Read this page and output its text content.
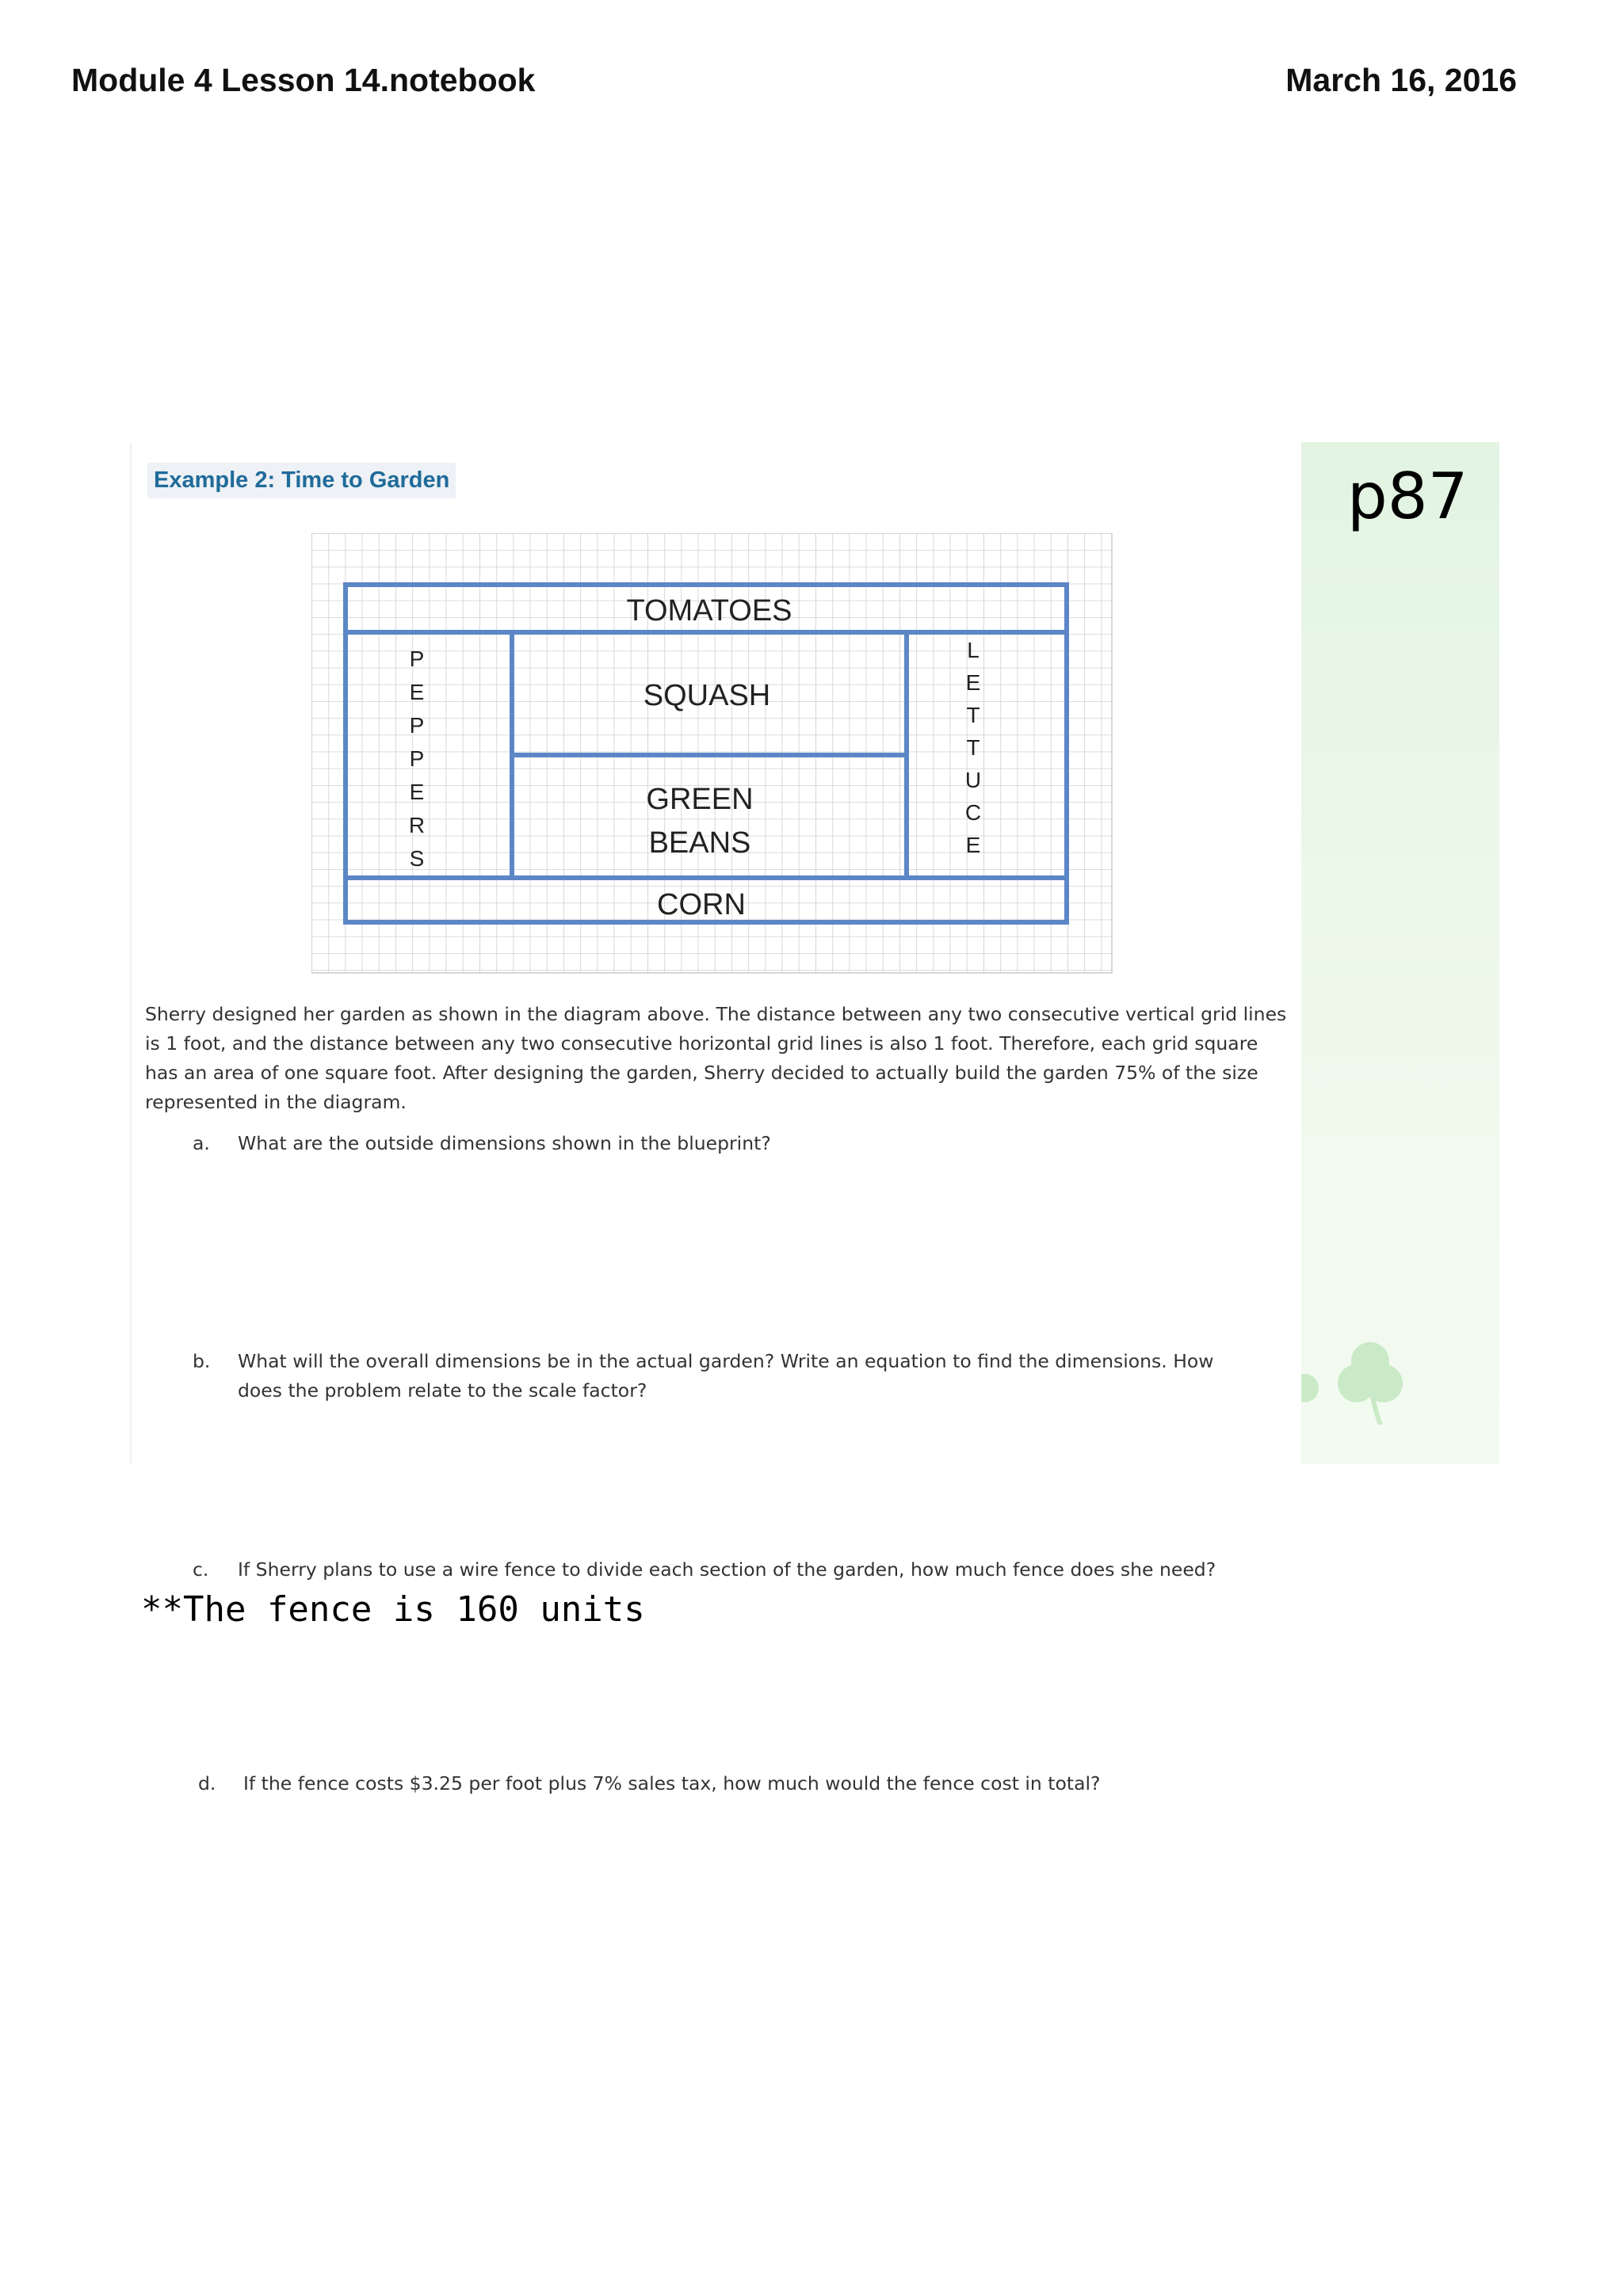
Module 4 Lesson 14.notebook	March 16, 2016
Example 2: Time to Garden	p87
TOMATOES
SQUASH
GREEN
BEANS
CORN
P
E
P
P
E
R
S
L
E
T
T
U
C
E
Sherry designed her garden as shown in the diagram above. The distance between any two consecutive vertical grid lines is 1 foot, and the distance between any two consecutive horizontal grid lines is also 1 foot. Therefore, each grid square has an area of one square foot. After designing the garden, Sherry decided to actually build the garden 75% of the size represented in the diagram.
a. What are the outside dimensions shown in the blueprint?
b. What will the overall dimensions be in the actual garden? Write an equation to find the dimensions. How does the problem relate to the scale factor?
c. If Sherry plans to use a wire fence to divide each section of the garden, how much fence does she need?
**The fence is 160 units
d. If the fence costs $3.25 per foot plus 7% sales tax, how much would the fence cost in total?
